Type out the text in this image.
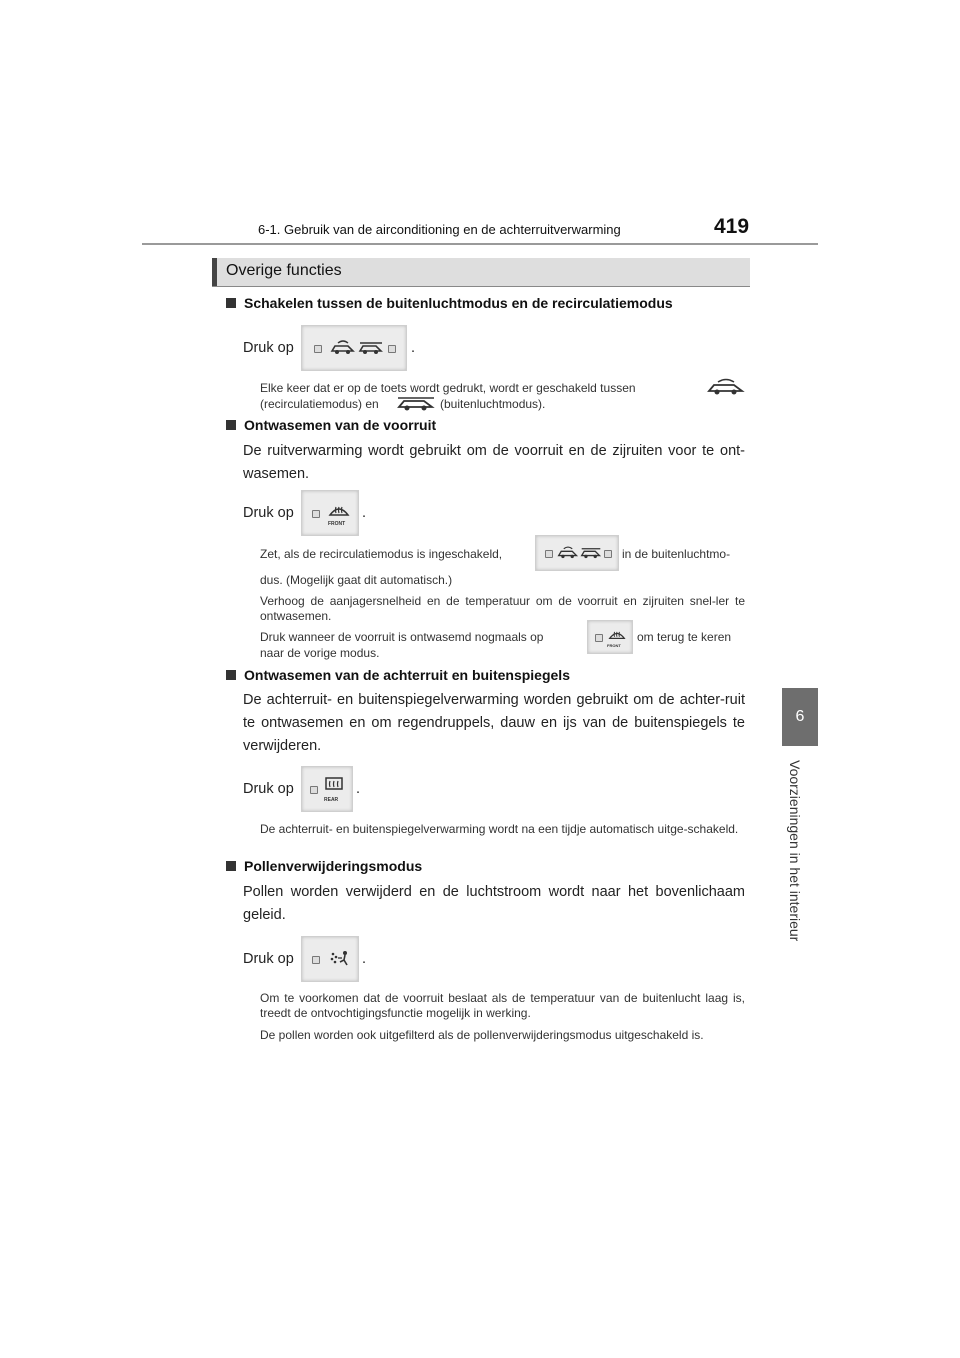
6-1. Gebruik van de airconditioning en de achterruitverwarming	419
6
Voorzieningen in het interieur
Overige functies
Schakelen tussen de buitenluchtmodus en de recirculatiemodus
Druk op	.
Elke keer dat er op de toets wordt gedrukt, wordt er geschakeld tussen
(recirculatiemodus) en	(buitenluchtmodus).
Ontwasemen van de voorruit
De ruitverwarming wordt gebruikt om de voorruit en de zijruiten voor te ont-wasemen.
Druk op
FRONT
.
Zet, als de recirculatiemodus is ingeschakeld,	in de buitenluchtmo-
dus. (Mogelijk gaat dit automatisch.)
Verhoog de aanjagersnelheid en de temperatuur om de voorruit en zijruiten snel-ler te ontwasemen.
Druk wanneer de voorruit is ontwasemd nogmaals op
FRONT
om terug te keren
naar de vorige modus.
Ontwasemen van de achterruit en buitenspiegels
De achterruit- en buitenspiegelverwarming worden gebruikt om de achter-ruit te ontwasemen en om regendruppels, dauw en ijs van de buitenspiegels te verwijderen.
Druk op
REAR
.
De achterruit- en buitenspiegelverwarming wordt na een tijdje automatisch uitge-schakeld.
Pollenverwijderingsmodus
Pollen worden verwijderd en de luchtstroom wordt naar het bovenlichaam geleid.
Druk op	.
Om te voorkomen dat de voorruit beslaat als de temperatuur van de buitenlucht laag is, treedt de ontvochtigingsfunctie mogelijk in werking.
De pollen worden ook uitgefilterd als de pollenverwijderingsmodus uitgeschakeld is.
